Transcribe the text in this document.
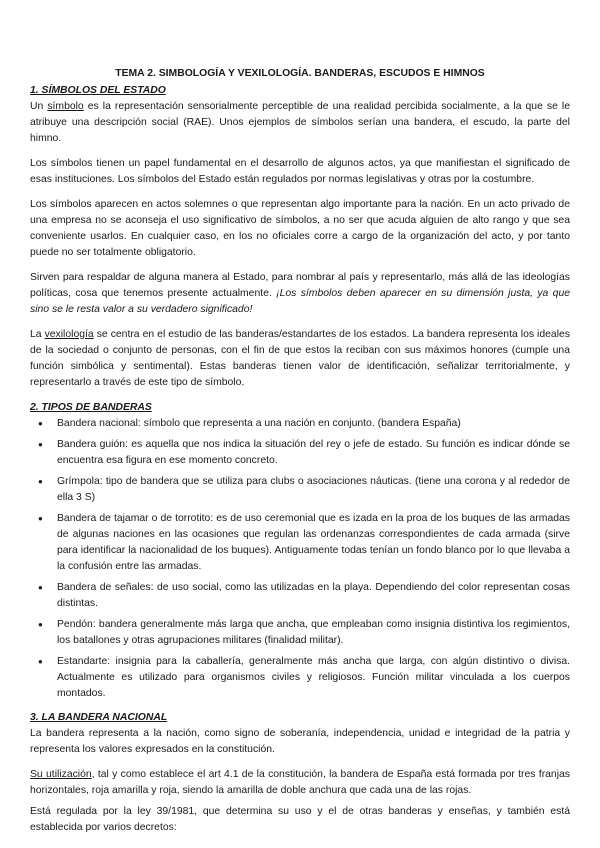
TEMA 2. SIMBOLOGÍA Y VEXILOLOGÍA. BANDERAS, ESCUDOS E HIMNOS
1. SÍMBOLOS DEL ESTADO

Un símbolo es la representación sensorialmente perceptible de una realidad percibida socialmente, a la que se le atribuye una descripción social (RAE). Unos ejemplos de símbolos serían una bandera, el escudo, la parte del himno.

Los símbolos tienen un papel fundamental en el desarrollo de algunos actos, ya que manifiestan el significado de esas instituciones. Los símbolos del Estado están regulados por normas legislativas y otras por la costumbre.

Los símbolos aparecen en actos solemnes o que representan algo importante para la nación. En un acto privado de una empresa no se aconseja el uso significativo de símbolos, a no ser que acuda alguien de alto rango y que sea conveniente usarlos. En cualquier caso, en los no oficiales corre a cargo de la organización del acto, y por tanto puede no ser totalmente obligatorio.

Sirven para respaldar de alguna manera al Estado, para nombrar al país y representarlo, más allá de las ideologías políticas, cosa que tenemos presente actualmente. ¡Los símbolos deben aparecer en su dimensión justa, ya que sino se le resta valor a su verdadero significado!

La vexilología se centra en el estudio de las banderas/estandartes de los estados. La bandera representa los ideales de la sociedad o conjunto de personas, con el fin de que estos la reciban con sus máximos honores (cumple una función simbólica y sentimental). Estas banderas tienen valor de identificación, señalizar territorialmente, y representarlo a través de este tipo de símbolo.

2. TIPOS DE BANDERAS
● Bandera nacional: símbolo que representa a una nación en conjunto. (bandera España)
● Bandera guión: es aquella que nos indica la situación del rey o jefe de estado. Su función es indicar dónde se encuentra esa figura en ese momento concreto.
● Grímpola: tipo de bandera que se utiliza para clubs o asociaciones náuticas. (tiene una corona y al rededor de ella 3 S)
● Bandera de tajamar o de torrotito: es de uso ceremonial que es izada en la proa de los buques de las armadas de algunas naciones en las ocasiones que regulan las ordenanzas correspondientes de cada armada (sirve para identificar la nacionalidad de los buques). Antiguamente todas tenían un fondo blanco por lo que llevaba a la confusión entre las armadas.
● Bandera de señales: de uso social, como las utilizadas en la playa. Dependiendo del color representan cosas distintas.
● Pendón: bandera generalmente más larga que ancha, que empleaban como insignia distintiva los regimientos, los batallones y otras agrupaciones militares (finalidad militar).
● Estandarte: insignia para la caballería, generalmente más ancha que larga, con algún distintivo o divisa. Actualmente es utilizado para organismos civiles y religiosos. Función militar vinculada a los cuerpos montados.
3. LA BANDERA NACIONAL

La bandera representa a la nación, como signo de soberanía, independencia, unidad e integridad de la patria y representa los valores expresados en la constitución.

Su utilización, tal y como establece el art 4.1 de la constitución, la bandera de España está formada por tres franjas horizontales, roja amarilla y roja, siendo la amarilla de doble anchura que cada una de las rojas.

Está regulada por la ley 39/1981, que determina su uso y el de otras banderas y enseñas, y también está establecida por varios decretos:
